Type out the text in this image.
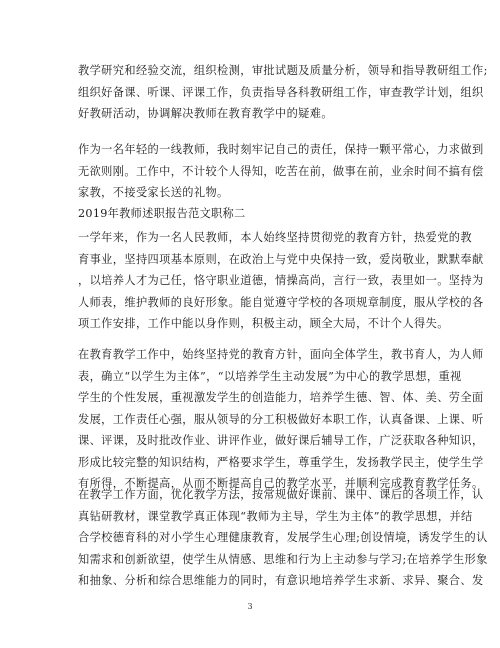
教学研究和经验交流，组织检测，审批试题及质量分析，领导和指导教研组工作;
组织好备课、听课、评课工作，负责指导各科教研组工作，审查教学计划，组织
好教研活动，协调解决教师在教育教学中的疑难。
作为一名年轻的一线教师，我时刻牢记自己的责任，保持一颗平常心，力求做到
无欲则刚。工作中，不计较个人得知，吃苦在前，做事在前，业余时间不搞有偿
家教，不接受家长送的礼物。
2019年教师述职报告范文职称二
一学年来，作为一名人民教师，本人始终坚持贯彻党的教育方针，热爱党的教
育事业，坚持四项基本原则，在政治上与党中央保持一致，爱岗敬业，默默奉献
，以培养人才为己任，恪守职业道德，情操高尚，言行一致，表里如一。坚持为
人师表，维护教师的良好形象。能自觉遵守学校的各项规章制度，服从学校的各
项工作安排，工作中能以身作则，积极主动，顾全大局，不计个人得失。
在教育教学工作中，始终坚持党的教育方针，面向全体学生，教书育人，为人师
表，确立“以学生为主体”，“以培养学生主动发展”为中心的教学思想，重视
学生的个性发展，重视激发学生的创造能力，培养学生德、智、体、美、劳全面
发展，工作责任心强，服从领导的分工积极做好本职工作，认真备课、上课、听
课、评课，及时批改作业、讲评作业，做好课后辅导工作，广泛获取各种知识，
形成比较完整的知识结构，严格要求学生，尊重学生，发扬教学民主，使学生学
有所得，不断提高，从而不断提高自己的教学水平，并顺利完成教育教学任务。
在教学工作方面，优化教学方法，按常规做好课前、课中、课后的各项工作，认
真钻研教材，课堂教学真正体现“教师为主导，学生为主体”的教学思想，并结
合学校德育科的对小学生心理健康教育，发展学生心理;创设情境，诱发学生的认
知需求和创新欲望，使学生从情感、思维和行为上主动参与学习;在培养学生形象
和抽象、分析和综合思维能力的同时，有意识地培养学生求新、求异、聚合、发
3
